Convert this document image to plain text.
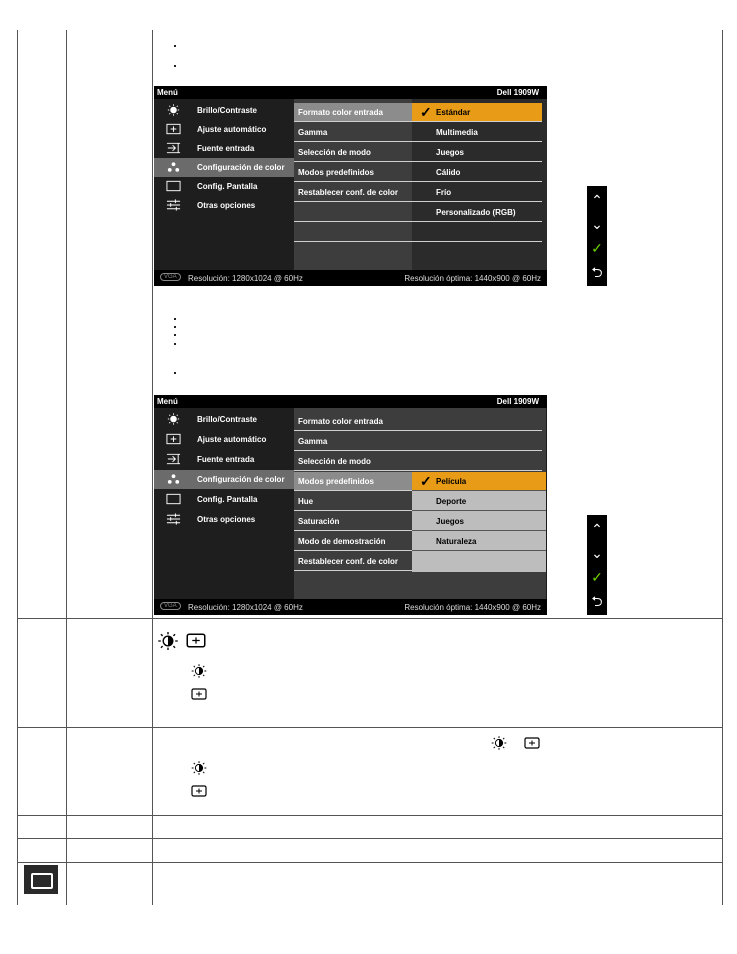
Menú	Dell 1909W
Brillo/Contraste
Ajuste automático
Fuente entrada
Configuración de color
Config. Pantalla
Otras opciones
Formato color entrada
Gamma
Selección de modo
Modos predefinidos
Restablecer conf. de color
✓ Estándar
Multimedia
Juegos
Cálido
Frío
Personalizado (RGB)
VGA	Resolución: 1280x1024 @ 60Hz	Resolución óptima: 1440x900 @ 60Hz
⌃
⌄
✓
⮌
Menú	Dell 1909W
Brillo/Contraste
Ajuste automático
Fuente entrada
Configuración de color
Config. Pantalla
Otras opciones
Formato color entrada
Gamma
Selección de modo
Modos predefinidos
Hue
Saturación
Modo de demostración
Restablecer conf. de color
✓ Película
Deporte
Juegos
Naturaleza
VGA	Resolución: 1280x1024 @ 60Hz	Resolución óptima: 1440x900 @ 60Hz
⌃
⌄
✓
⮌
